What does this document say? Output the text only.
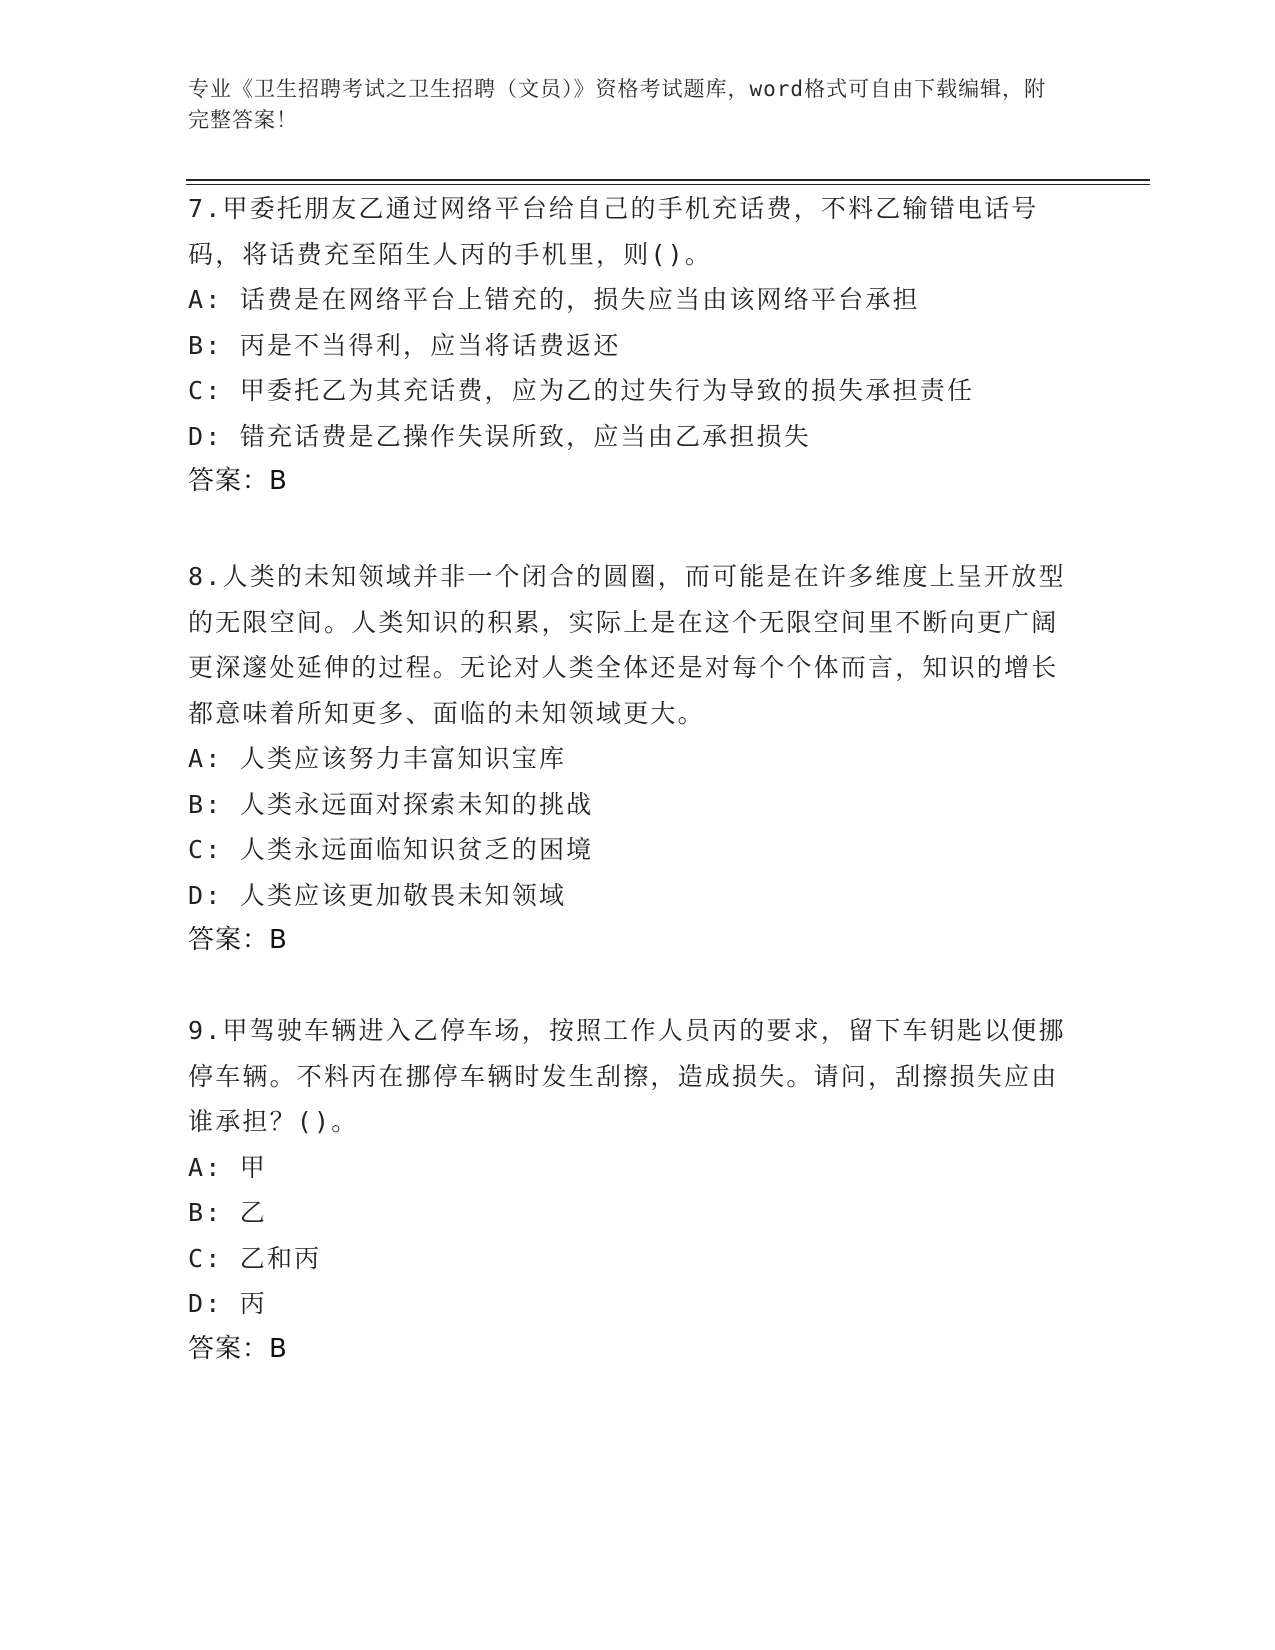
专业《卫生招聘考试之卫生招聘（文员）》资格考试题库，word格式可自由下载编辑，附完整答案！

7.甲委托朋友乙通过网络平台给自己的手机充话费，不料乙输错电话号码，将话费充至陌生人丙的手机里，则()。

A: 话费是在网络平台上错充的，损失应当由该网络平台承担

B: 丙是不当得利，应当将话费返还

C: 甲委托乙为其充话费，应为乙的过失行为导致的损失承担责任

D: 错充话费是乙操作失误所致，应当由乙承担损失

答案：B

8.人类的未知领域并非一个闭合的圆圈，而可能是在许多维度上呈开放型的无限空间。人类知识的积累，实际上是在这个无限空间里不断向更广阔更深邃处延伸的过程。无论对人类全体还是对每个个体而言，知识的增长都意味着所知更多、面临的未知领域更大。

A: 人类应该努力丰富知识宝库

B: 人类永远面对探索未知的挑战

C: 人类永远面临知识贫乏的困境

D: 人类应该更加敬畏未知领域

答案：B

9.甲驾驶车辆进入乙停车场，按照工作人员丙的要求，留下车钥匙以便挪停车辆。不料丙在挪停车辆时发生刮擦，造成损失。请问，刮擦损失应由谁承担？()。

A: 甲

B: 乙

C: 乙和丙

D: 丙

答案：B
